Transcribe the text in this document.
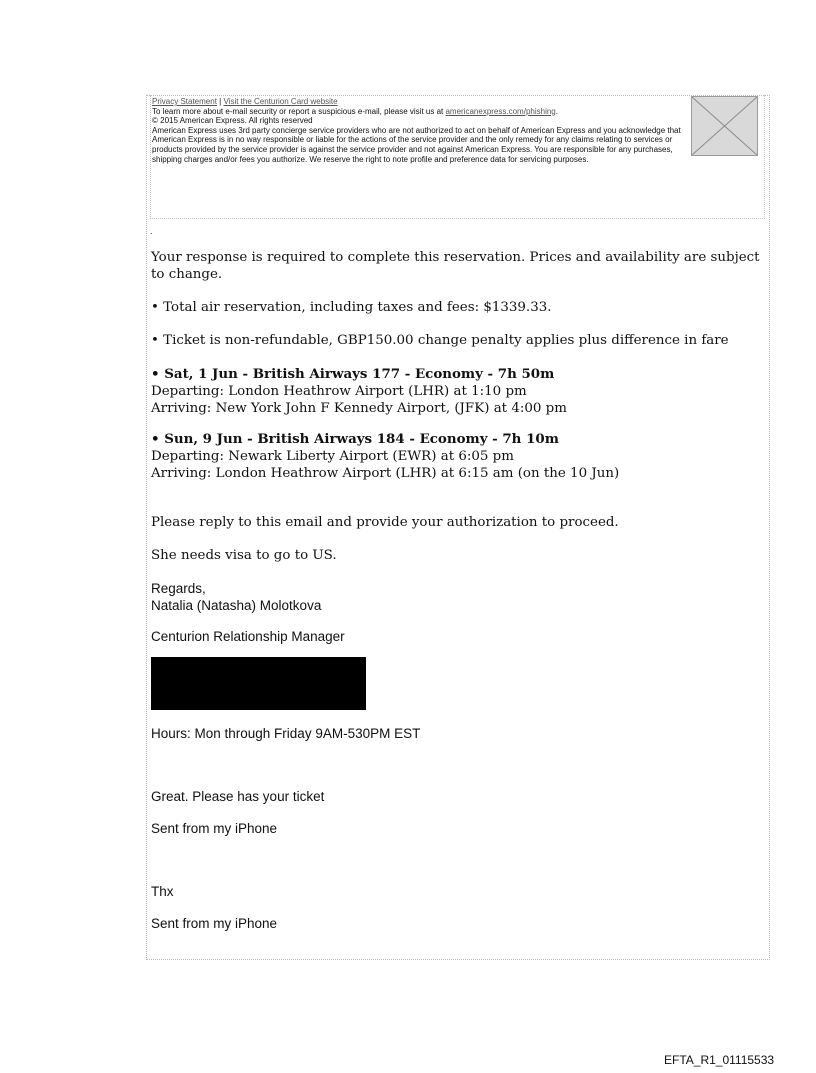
Privacy Statement | Visit the Centurion Card website

To learn more about e-mail security or report a suspicious e-mail, please visit us at americanexpress.com/phishing.

© 2015 American Express. All rights reserved

American Express uses 3rd party concierge service providers who are not authorized to act on behalf of American Express and you acknowledge that American Express is in no way responsible or liable for the actions of the service provider and the only remedy for any claims relating to services or products provided by the service provider is against the service provider and not against American Express. You are responsible for any purchases, shipping charges and/or fees you authorize. We reserve the right to note profile and preference data for servicing purposes.

.

Your response is required to complete this reservation. Prices and availability are subject to change.

• Total air reservation, including taxes and fees: $1339.33.
• Ticket is non-refundable, GBP150.00 change penalty applies plus difference in fare

• Sat, 1 Jun - British Airways 177 - Economy - 7h 50m

Departing: London Heathrow Airport (LHR) at 1:10 pm

Arriving: New York John F Kennedy Airport, (JFK) at 4:00 pm

• Sun, 9 Jun - British Airways 184 - Economy - 7h 10m

Departing: Newark Liberty Airport (EWR) at 6:05 pm

Arriving: London Heathrow Airport (LHR) at 6:15 am (on the 10 Jun)

Please reply to this email and provide your authorization to proceed.
She needs visa to go to US.

Regards,

Natalia (Natasha) Molotkova

Centurion Relationship Manager
Hours: Mon through Friday 9AM-530PM EST
Great. Please has your ticket
Sent from my iPhone
Thx
Sent from my iPhone
EFTA_R1_01115533
